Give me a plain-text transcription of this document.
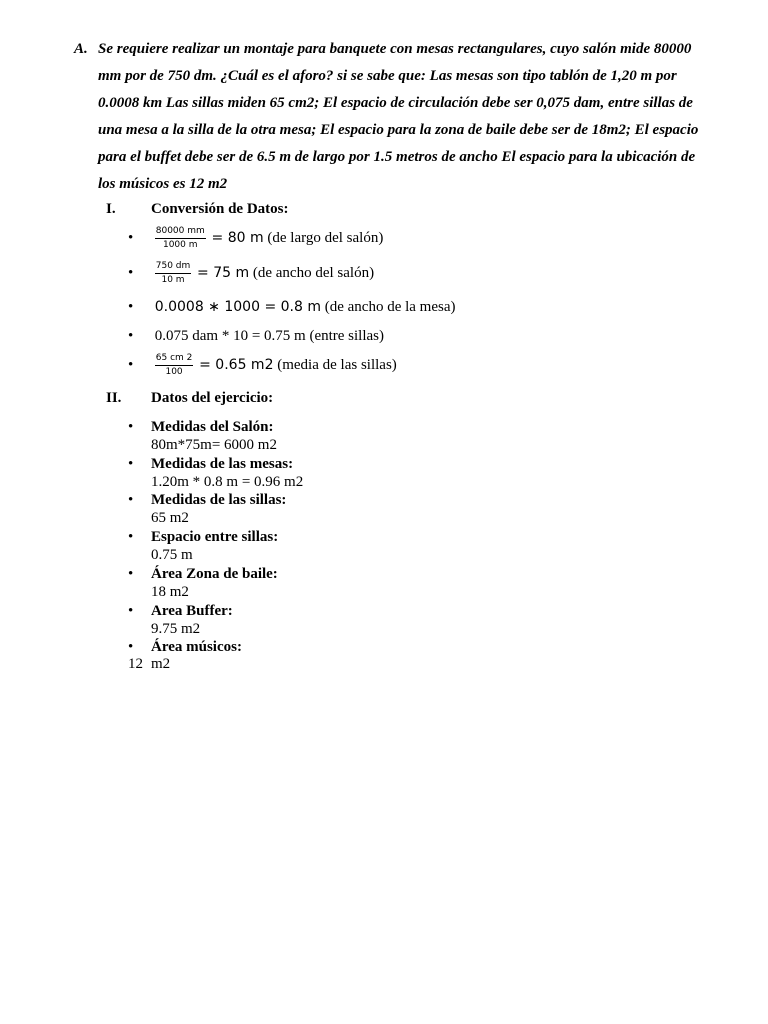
A. Se requiere realizar un montaje para banquete con mesas rectangulares, cuyo salón mide 80000 mm por de 750 dm. ¿Cuál es el aforo? si se sabe que: Las mesas son tipo tablón de 1,20 m por 0.0008 km Las sillas miden 65 cm2; El espacio de circulación debe ser 0,075 dam, entre sillas de una mesa a la silla de la otra mesa; El espacio para la zona de baile debe ser de 18m2; El espacio para el buffet debe ser de 6.5 m de largo por 1.5 metros de ancho El espacio para la ubicación de los músicos es 12 m2
I. Conversión de Datos:
• $\frac{80000 mm}{1000 m} = 80$ m (de largo del salón)
• $\frac{750 dm}{10 m} = 75$ m (de ancho del salón)
• 0.0008 ∗ 1000 = 0.8 m (de ancho de la mesa)
• 0.075 dam * 10 = 0.75 m (entre sillas)
• $\frac{65 cm 2}{100} = 0.65$ m2 (media de las sillas)
II. Datos del ejercicio:
• Medidas del Salón:
80m*75m= 6000 m2
• Medidas de las mesas:
1.20m * 0.8 m = 0.96 m2
• Medidas de las sillas:
65 m2
• Espacio entre sillas:
0.75 m
• Área Zona de baile:
18 m2
• Area Buffer:
9.75 m2
• Área músicos:
12 m2
